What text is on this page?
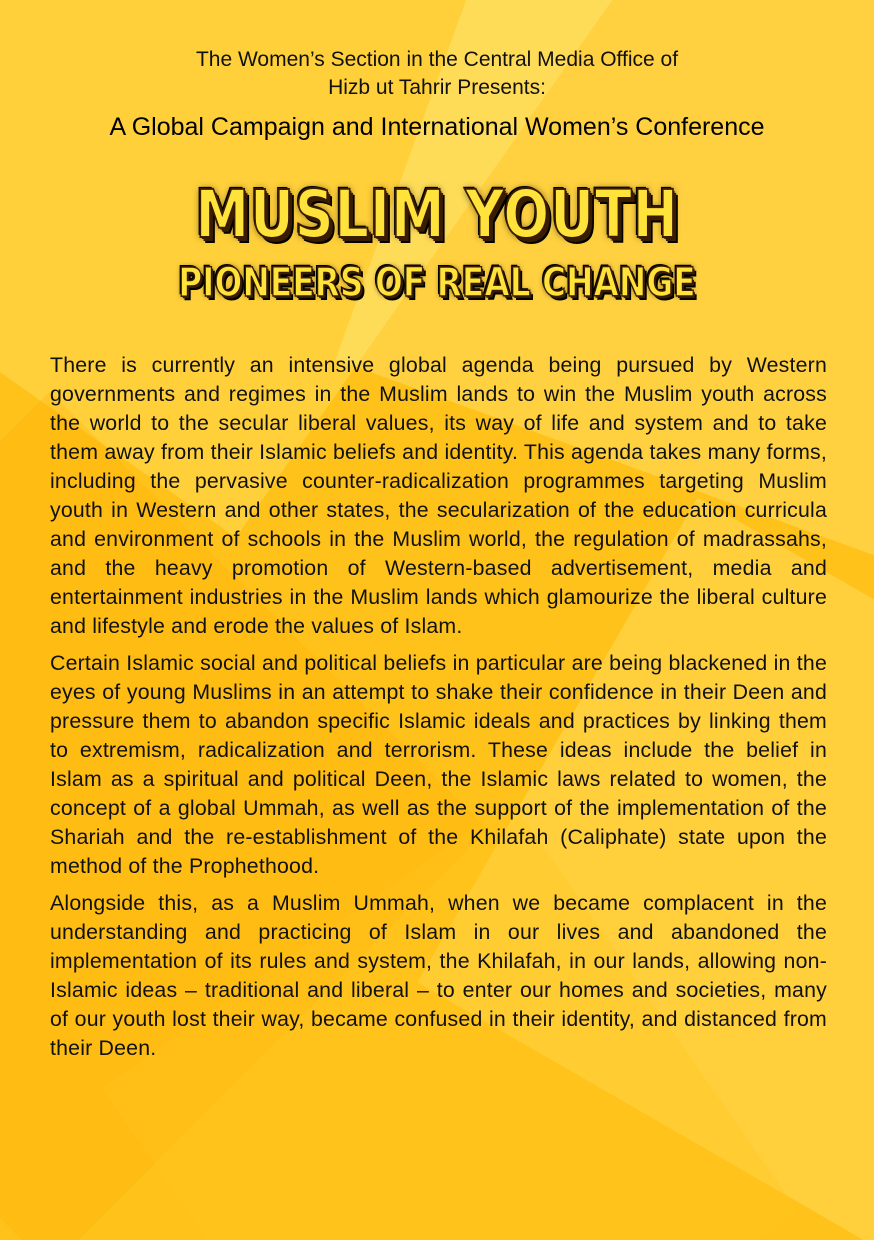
The Women’s Section in the Central Media Office of
Hizb ut Tahrir Presents:
A Global Campaign and International Women’s Conference
MUSLIM YOUTH
PIONEERS OF REAL CHANGE

There is currently an intensive global agenda being pursued by Western governments and regimes in the Muslim lands to win the Muslim youth across the world to the secular liberal values, its way of life and system and to take them away from their Islamic beliefs and identity. This agenda takes many forms, including the pervasive counter-radicalization programmes targeting Muslim youth in Western and other states, the secularization of the education curricula and environment of schools in the Muslim world, the regulation of madrassahs, and the heavy promotion of Western-based advertisement, media and entertainment industries in the Muslim lands which glamourize the liberal culture and lifestyle and erode the values of Islam.

Certain Islamic social and political beliefs in particular are being blackened in the eyes of young Muslims in an attempt to shake their confidence in their Deen and pressure them to abandon specific Islamic ideals and practices by linking them to extremism, radicalization and terrorism. These ideas include the belief in Islam as a spiritual and political Deen, the Islamic laws related to women, the concept of a global Ummah, as well as the support of the implementation of the Shariah and the re-establishment of the Khilafah (Caliphate) state upon the method of the Prophethood.

Alongside this, as a Muslim Ummah, when we became complacent in the understanding and practicing of Islam in our lives and abandoned the implementation of its rules and system, the Khilafah, in our lands, allowing non-Islamic ideas – traditional and liberal – to enter our homes and societies, many of our youth lost their way, became confused in their identity, and distanced from their Deen.
